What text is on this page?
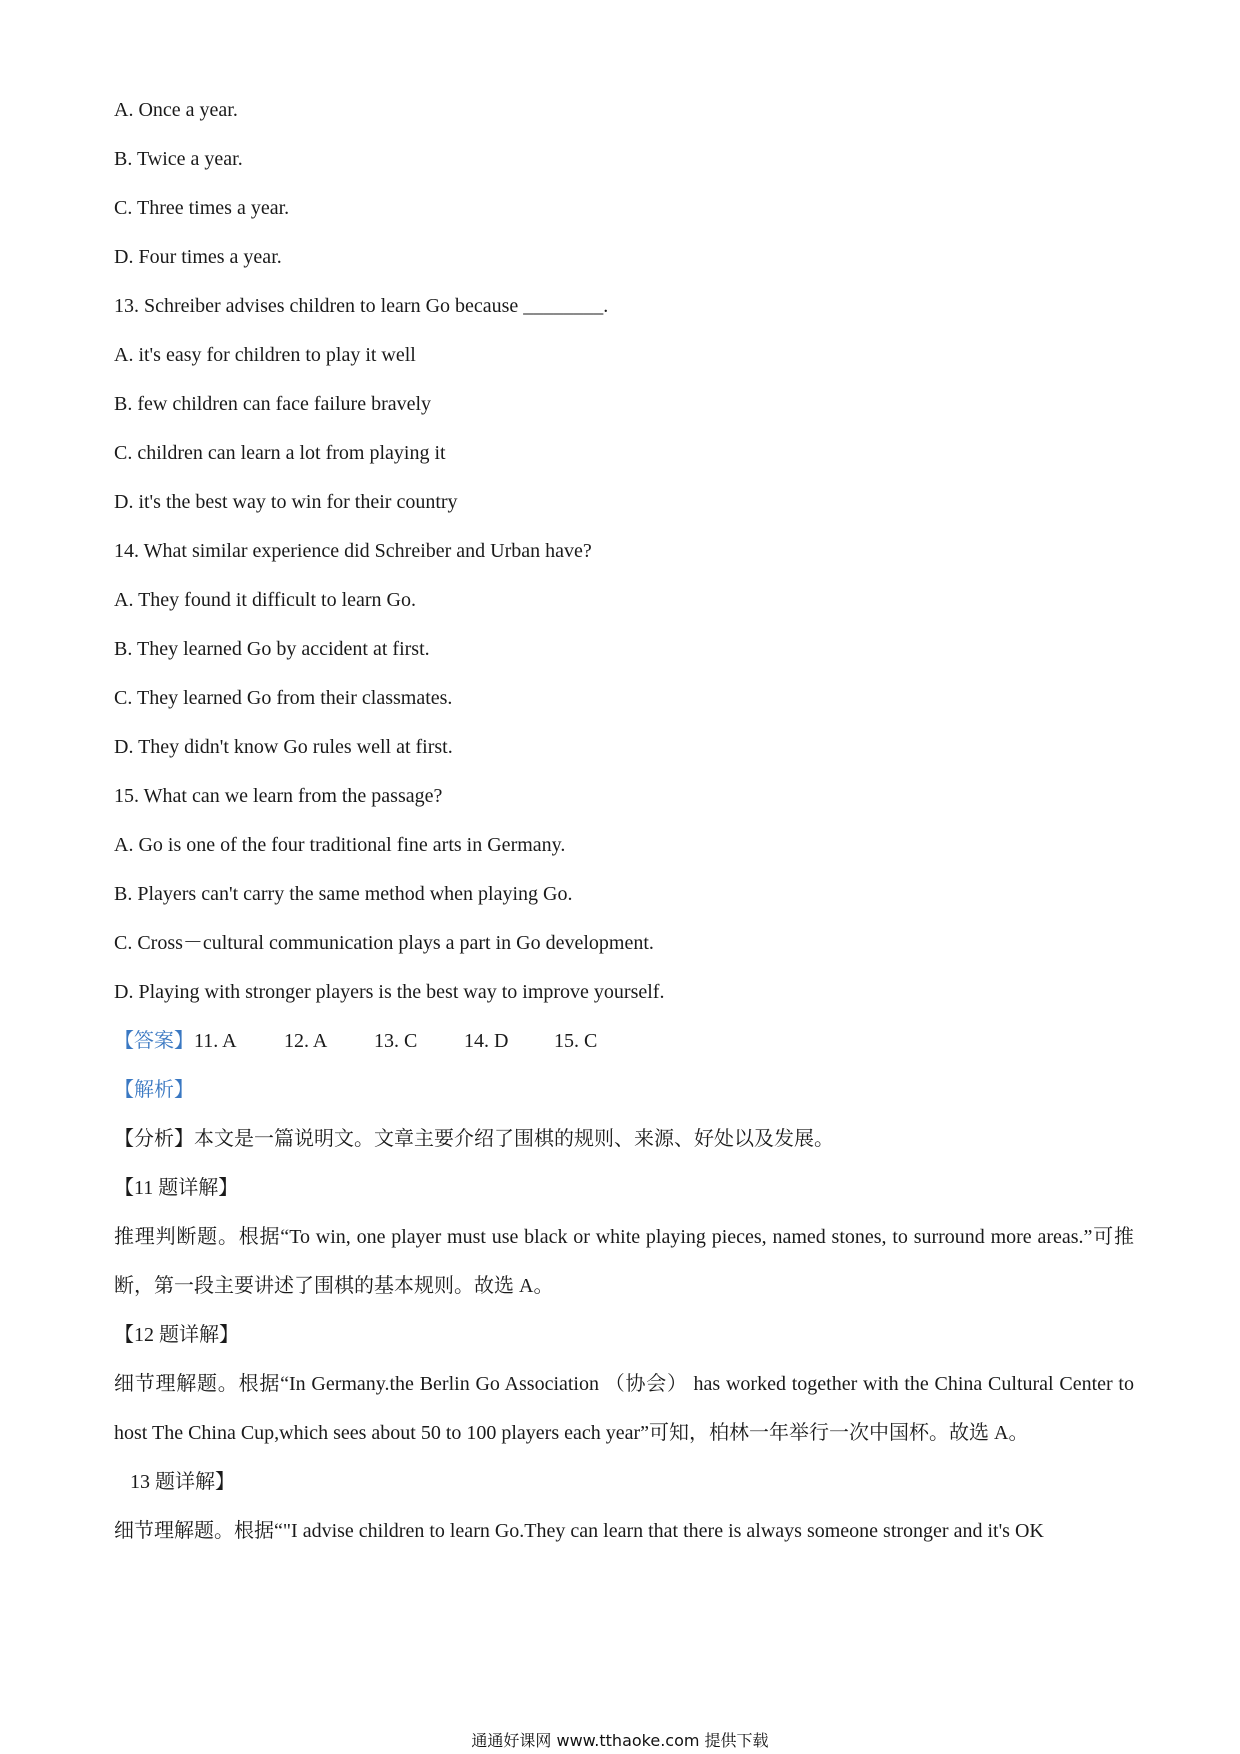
A. Once a year.
B. Twice a year.
C. Three times a year.
D. Four times a year.
13. Schreiber advises children to learn Go because ________.
A. it's easy for children to play it well
B. few children can face failure bravely
C. children can learn a lot from playing it
D. it's the best way to win for their country
14. What similar experience did Schreiber and Urban have?
A. They found it difficult to learn Go.
B. They learned Go by accident at first.
C. They learned Go from their classmates.
D. They didn't know Go rules well at first.
15. What can we learn from the passage?
A. Go is one of the four traditional fine arts in Germany.
B. Players can't carry the same method when playing Go.
C. Cross－cultural communication plays a part in Go development.
D. Playing with stronger players is the best way to improve yourself.
【答案】 11. A	12. A	13. C	14. D	15. C
【解析】
【分析】本文是一篇说明文。文章主要介绍了围棋的规则、来源、好处以及发展。
【11 题详解】
推理判断题。根据“To win, one player must use black or white playing pieces, named stones, to surround more areas.”可推断，第一段主要讲述了围棋的基本规则。故选 A。
【12 题详解】
细节理解题。根据“In Germany.the Berlin Go Association （协会） has worked together with the China Cultural Center to host The China Cup,which sees about 50 to 100 players each year”可知，柏林一年举行一次中国杯。故选 A。
13 题详解】
细节理解题。根据“"I advise children to learn Go.They can learn that there is always someone stronger and it's OK
通通好课网 www.tthaoke.com 提供下载
